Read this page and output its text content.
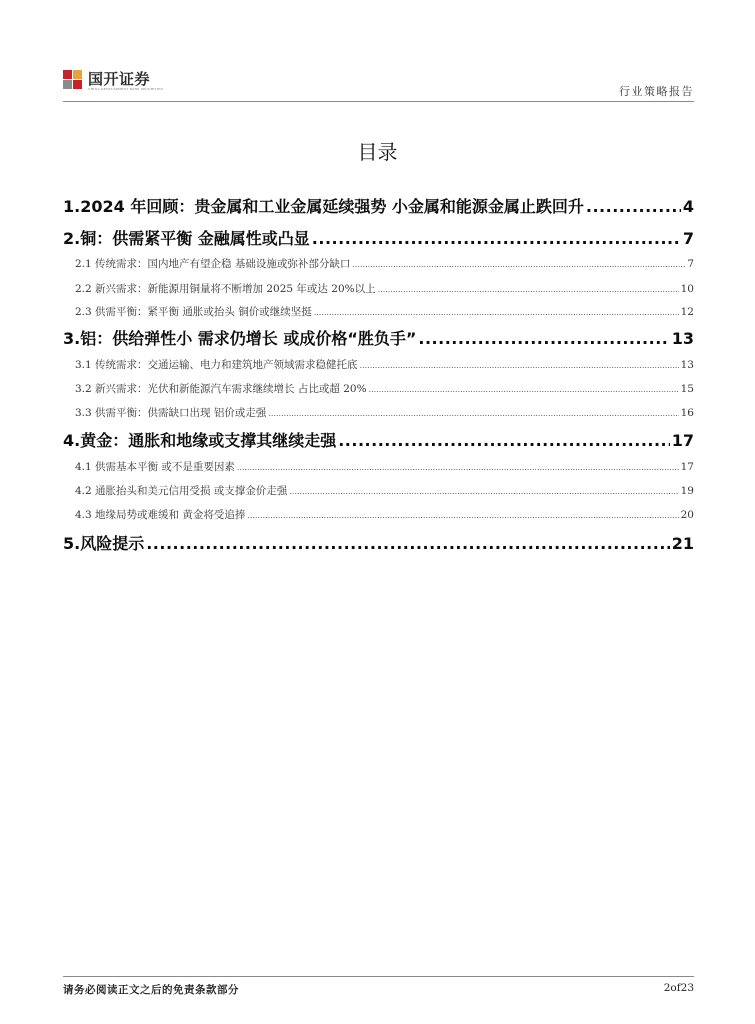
国开证券
CHINA DEVELOPMENT BANK SECURITIES	行业策略报告
目录
1.2024 年回顾：贵金属和工业金属延续强势 小金属和能源金属止跌回升 .....	4
2.铜：供需紧平衡 金融属性或凸显 .....	7
2.1 传统需求：国内地产有望企稳 基础设施或弥补部分缺口 .....	7
2.2 新兴需求：新能源用铜量将不断增加 2025 年或达 20%以上 .....	10
2.3 供需平衡：紧平衡 通胀或抬头 铜价或继续坚挺 .....	12
3.铝：供给弹性小 需求仍增长 或成价格“胜负手” .....	13
3.1 传统需求：交通运输、电力和建筑地产领域需求稳健托底 .....	13
3.2 新兴需求：光伏和新能源汽车需求继续增长 占比或超 20% .....	15
3.3 供需平衡：供需缺口出现 铝价或走强 .....	16
4.黄金：通胀和地缘或支撑其继续走强 .....	17
4.1 供需基本平衡 或不是重要因素 .....	17
4.2 通胀抬头和美元信用受损 或支撑金价走强 .....	19
4.3 地缘局势或难缓和 黄金将受追捧 .....	20
5.风险提示 .....	21
请务必阅读正文之后的免责条款部分	2of23
